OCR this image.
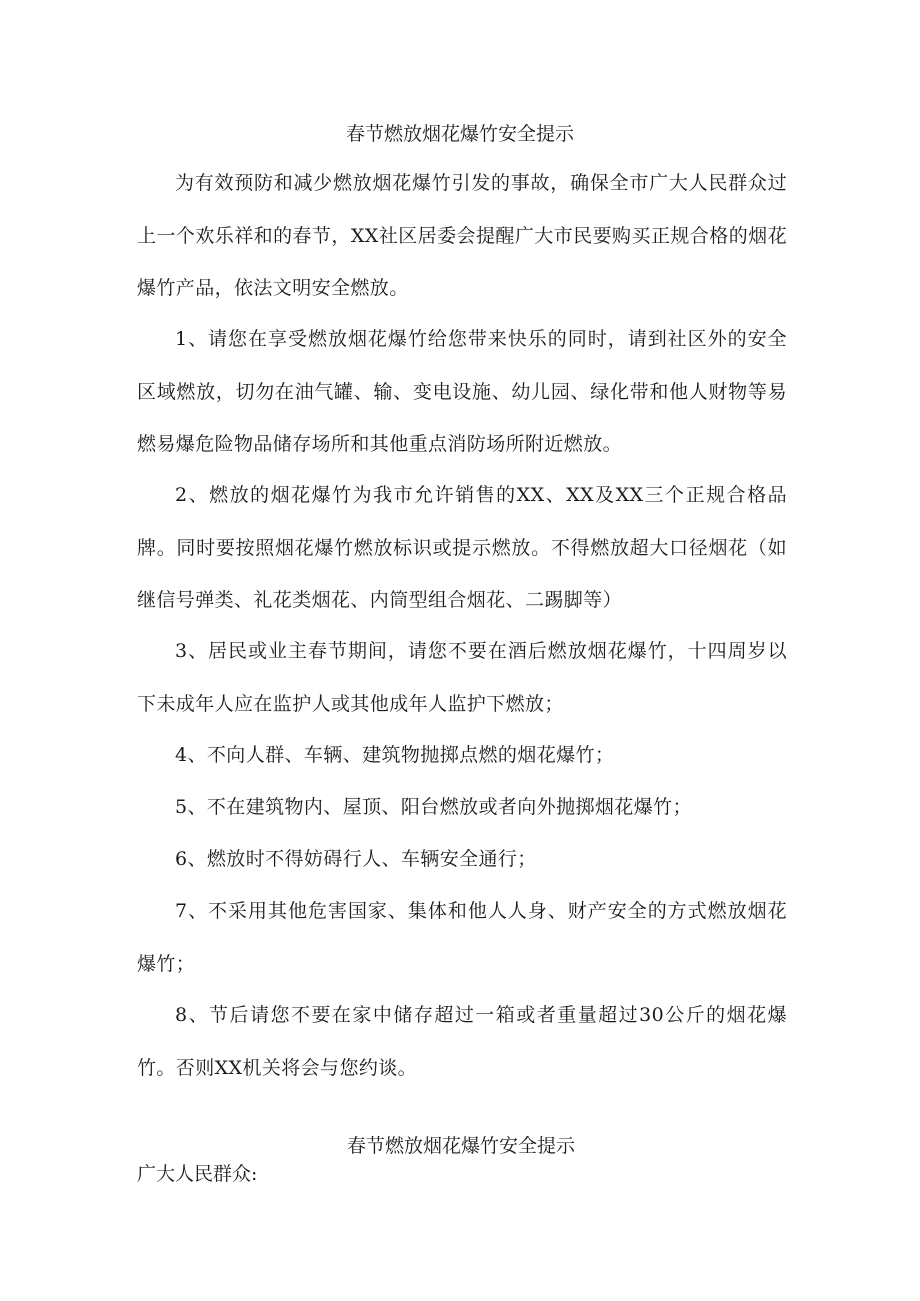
春节燃放烟花爆竹安全提示

为有效预防和减少燃放烟花爆竹引发的事故，确保全市广大人民群众过上一个欢乐祥和的春节，XX社区居委会提醒广大市民要购买正规合格的烟花爆竹产品，依法文明安全燃放。

1、请您在享受燃放烟花爆竹给您带来快乐的同时，请到社区外的安全区域燃放，切勿在油气罐、输、变电设施、幼儿园、绿化带和他人财物等易燃易爆危险物品储存场所和其他重点消防场所附近燃放。

2、燃放的烟花爆竹为我市允许销售的XX、XX及XX三个正规合格品牌。同时要按照烟花爆竹燃放标识或提示燃放。不得燃放超大口径烟花（如继信号弹类、礼花类烟花、内筒型组合烟花、二踢脚等）

3、居民或业主春节期间，请您不要在酒后燃放烟花爆竹，十四周岁以下未成年人应在监护人或其他成年人监护下燃放；

4、不向人群、车辆、建筑物抛掷点燃的烟花爆竹；

5、不在建筑物内、屋顶、阳台燃放或者向外抛掷烟花爆竹；

6、燃放时不得妨碍行人、车辆安全通行；

7、不采用其他危害国家、集体和他人人身、财产安全的方式燃放烟花爆竹；

8、节后请您不要在家中储存超过一箱或者重量超过30公斤的烟花爆竹。否则XX机关将会与您约谈。

春节燃放烟花爆竹安全提示

广大人民群众:
